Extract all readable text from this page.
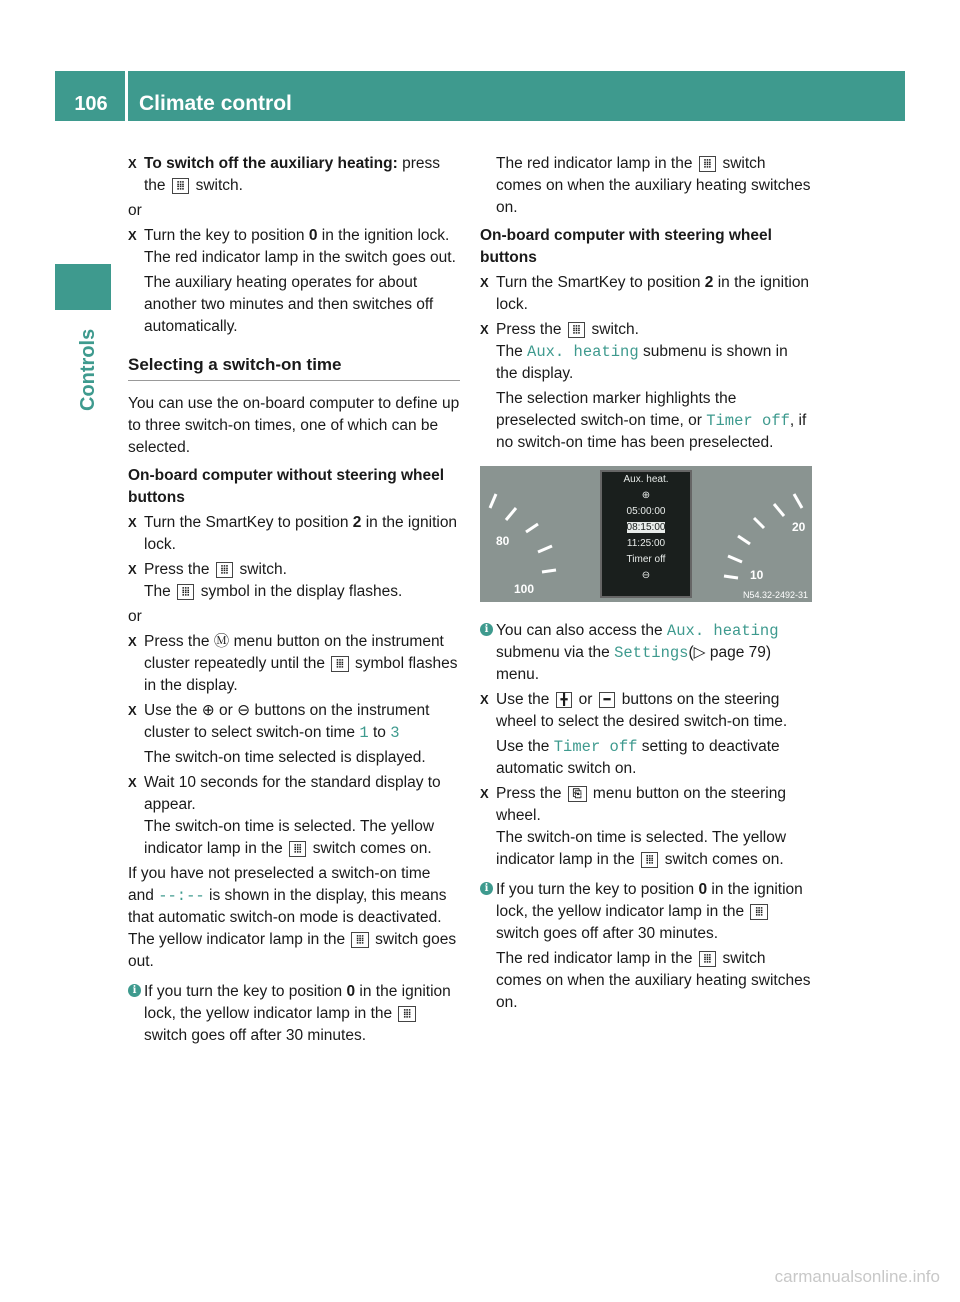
106	Climate control
Controls
X To switch off the auxiliary heating: press the ⦙⦙⦙ switch.

or

X Turn the key to position 0 in the ignition lock.
The red indicator lamp in the switch goes out.

The auxiliary heating operates for about another two minutes and then switches off automatically.

Selecting a switch-on time

You can use the on-board computer to define up to three switch-on times, one of which can be selected.

On-board computer without steering wheel buttons

X Turn the SmartKey to position 2 in the ignition lock.
X Press the ⦙⦙⦙ switch.
The ⦙⦙⦙ symbol in the display flashes.

or

X Press the Ⓜ menu button on the instrument cluster repeatedly until the ⦙⦙⦙ symbol flashes in the display.
X Use the ⊕ or ⊖ buttons on the instrument cluster to select switch-on time 1 to 3

The switch-on time selected is displayed.

X Wait 10 seconds for the standard display to appear.
The switch-on time is selected. The yellow indicator lamp in the ⦙⦙⦙ switch comes on.

If you have not preselected a switch-on time and --:-- is shown in the display, this means that automatic switch-on mode is deactivated. The yellow indicator lamp in the ⦙⦙⦙ switch goes out.

i If you turn the key to position 0 in the ignition lock, the yellow indicator lamp in the ⦙⦙⦙ switch goes off after 30 minutes.

The red indicator lamp in the ⦙⦙⦙ switch comes on when the auxiliary heating switches on.

On-board computer with steering wheel buttons

X Turn the SmartKey to position 2 in the ignition lock.
X Press the ⦙⦙⦙ switch.
The Aux. heating submenu is shown in the display.

The selection marker highlights the preselected switch-on time, or Timer off, if no switch-on time has been preselected.

80
100
20
10
Aux. heat.
⊕
05:00:00
08:15:00
11:25:00
Timer off
⊖
N54.32-2492-31
i You can also access the Aux. heating submenu via the Settings(▷ page 79) menu.
X Use the ╋ or ━ buttons on the steering wheel to select the desired switch-on time.

Use the Timer off setting to deactivate automatic switch on.

X Press the ⎘ menu button on the steering wheel.
The switch-on time is selected. The yellow indicator lamp in the ⦙⦙⦙ switch comes on.
i If you turn the key to position 0 in the ignition lock, the yellow indicator lamp in the ⦙⦙⦙ switch goes off after 30 minutes.

The red indicator lamp in the ⦙⦙⦙ switch comes on when the auxiliary heating switches on.

carmanualsonline.info
